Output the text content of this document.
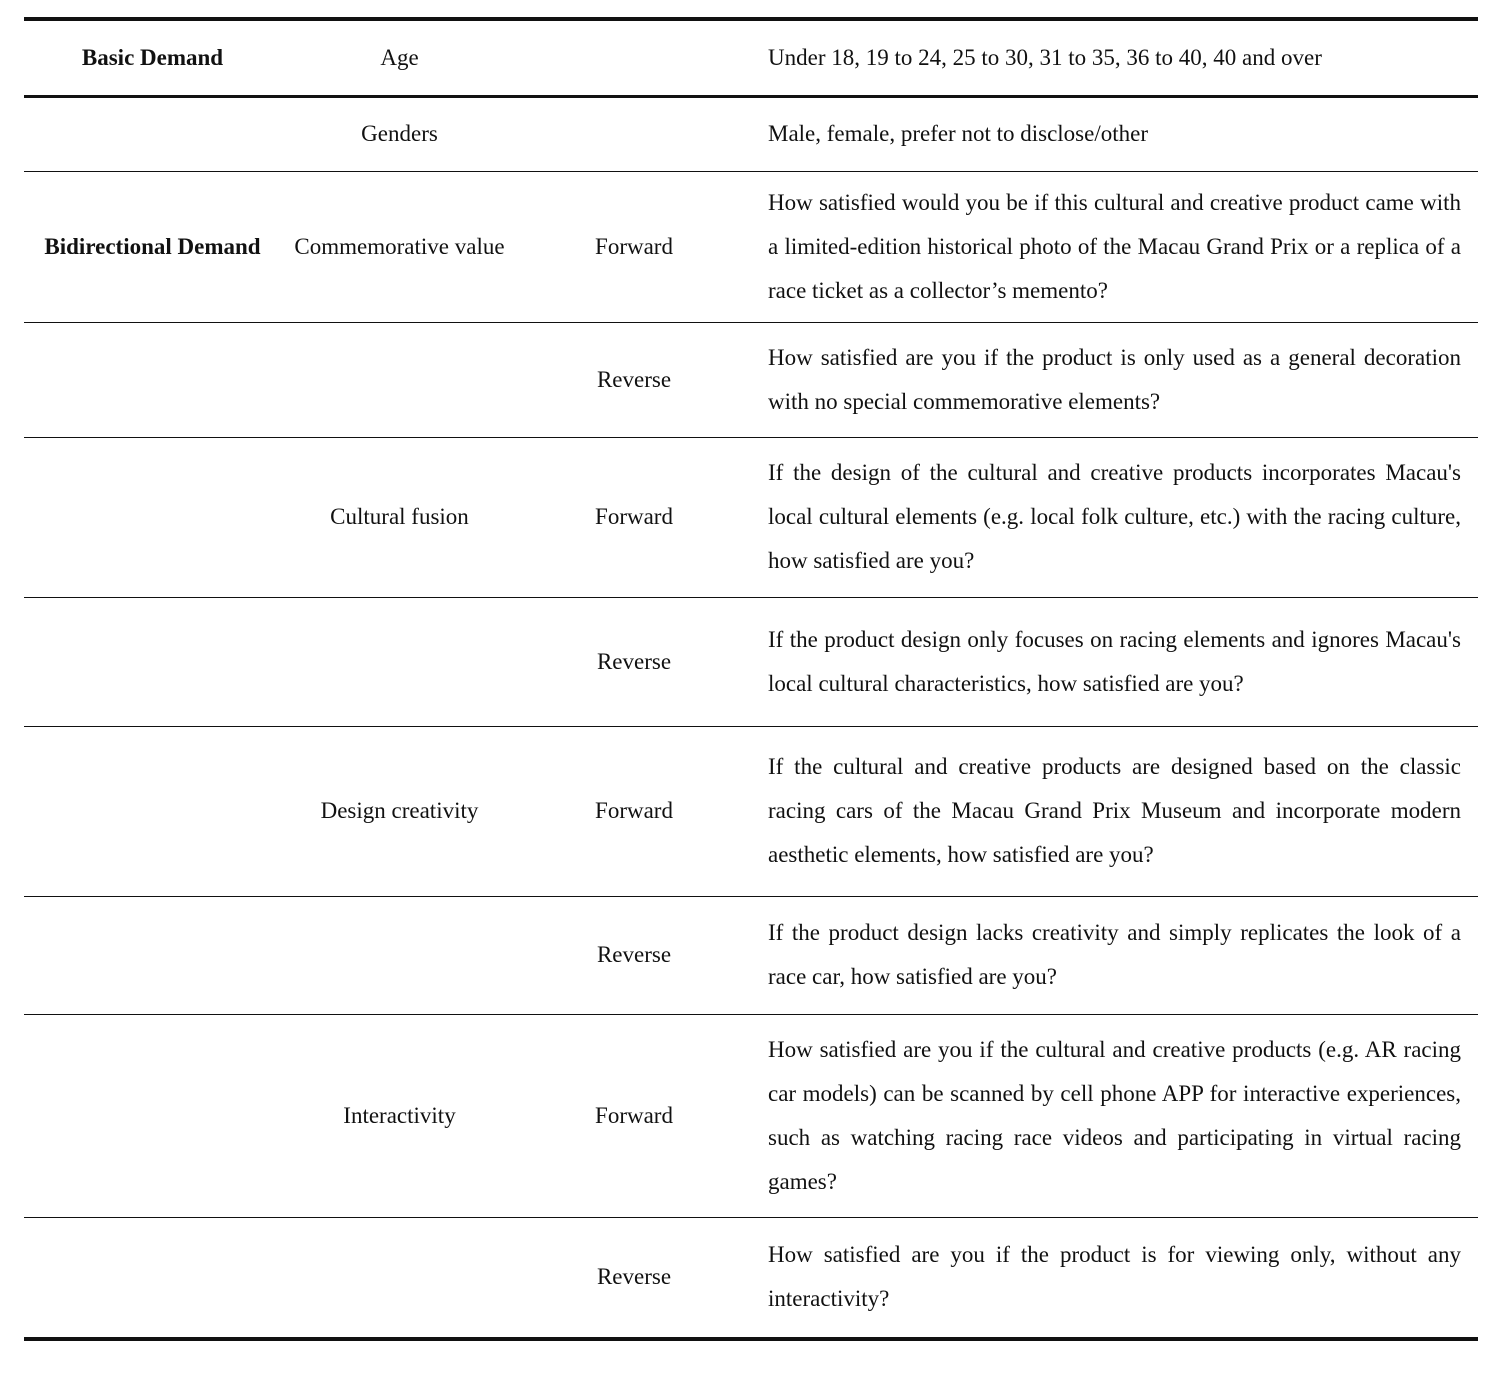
Basic Demand	Age		Under 18, 19 to 24, 25 to 30, 31 to 35, 36 to 40, 40 and over
	Genders		Male, female, prefer not to disclose/other
Bidirectional Demand	Commemorative value	Forward	How satisfied would you be if this cultural and creative product came with a limited-edition historical photo of the Macau Grand Prix or a replica of a race ticket as a collector’s memento?
		Reverse	How satisfied are you if the product is only used as a general decoration with no special commemorative elements?
	Cultural fusion	Forward	If the design of the cultural and creative products incorporates Macau's local cultural elements (e.g. local folk culture, etc.) with the racing culture, how satisfied are you?
		Reverse	If the product design only focuses on racing elements and ignores Macau's local cultural characteristics, how satisfied are you?
	Design creativity	Forward	If the cultural and creative products are designed based on the classic racing cars of the Macau Grand Prix Museum and incorporate modern aesthetic elements, how satisfied are you?
		Reverse	If the product design lacks creativity and simply replicates the look of a race car, how satisfied are you?
	Interactivity	Forward	How satisfied are you if the cultural and creative products (e.g. AR racing car models) can be scanned by cell phone APP for interactive experiences, such as watching racing race videos and participating in virtual racing games?
		Reverse	How satisfied are you if the product is for viewing only, without any interactivity?
